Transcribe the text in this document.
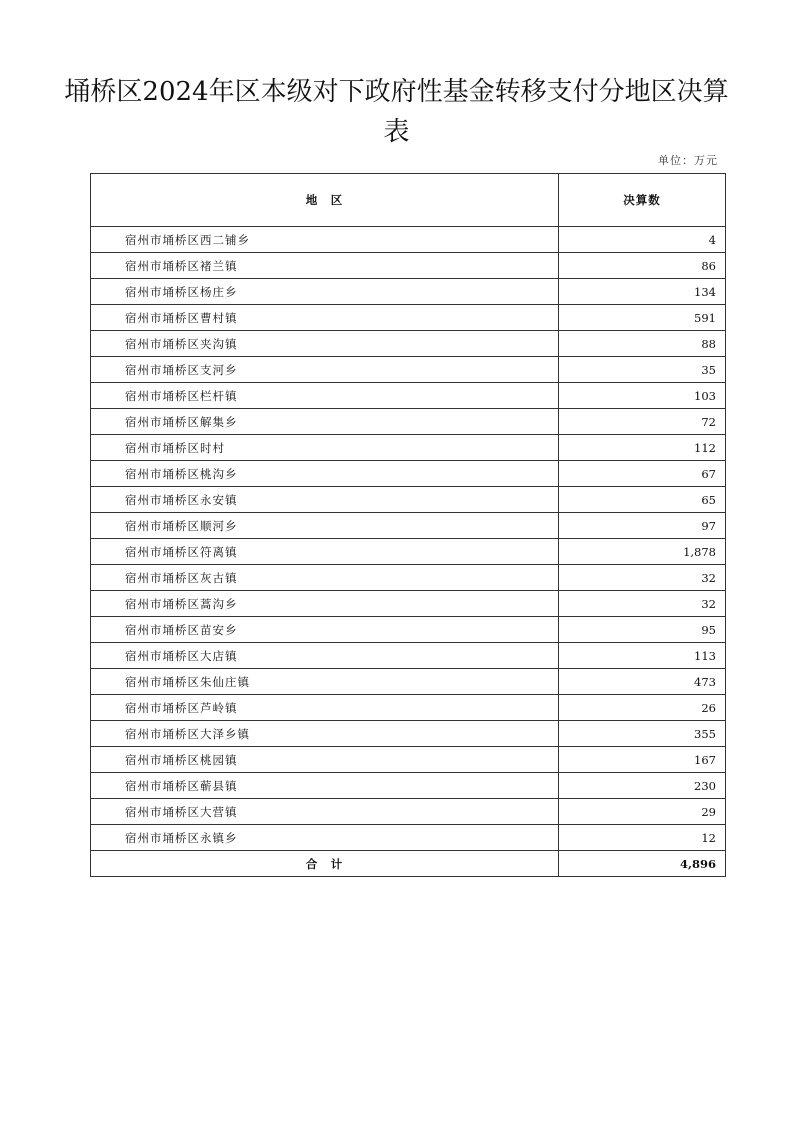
埇桥区2024年区本级对下政府性基金转移支付分地区决算表
单位：万元
地　区	决算数
宿州市埇桥区西二铺乡	4
宿州市埇桥区褚兰镇	86
宿州市埇桥区杨庄乡	134
宿州市埇桥区曹村镇	591
宿州市埇桥区夹沟镇	88
宿州市埇桥区支河乡	35
宿州市埇桥区栏杆镇	103
宿州市埇桥区解集乡	72
宿州市埇桥区时村	112
宿州市埇桥区桃沟乡	67
宿州市埇桥区永安镇	65
宿州市埇桥区顺河乡	97
宿州市埇桥区符离镇	1,878
宿州市埇桥区灰古镇	32
宿州市埇桥区蒿沟乡	32
宿州市埇桥区苗安乡	95
宿州市埇桥区大店镇	113
宿州市埇桥区朱仙庄镇	473
宿州市埇桥区芦岭镇	26
宿州市埇桥区大泽乡镇	355
宿州市埇桥区桃园镇	167
宿州市埇桥区蕲县镇	230
宿州市埇桥区大营镇	29
宿州市埇桥区永镇乡	12
合　计	4,896
